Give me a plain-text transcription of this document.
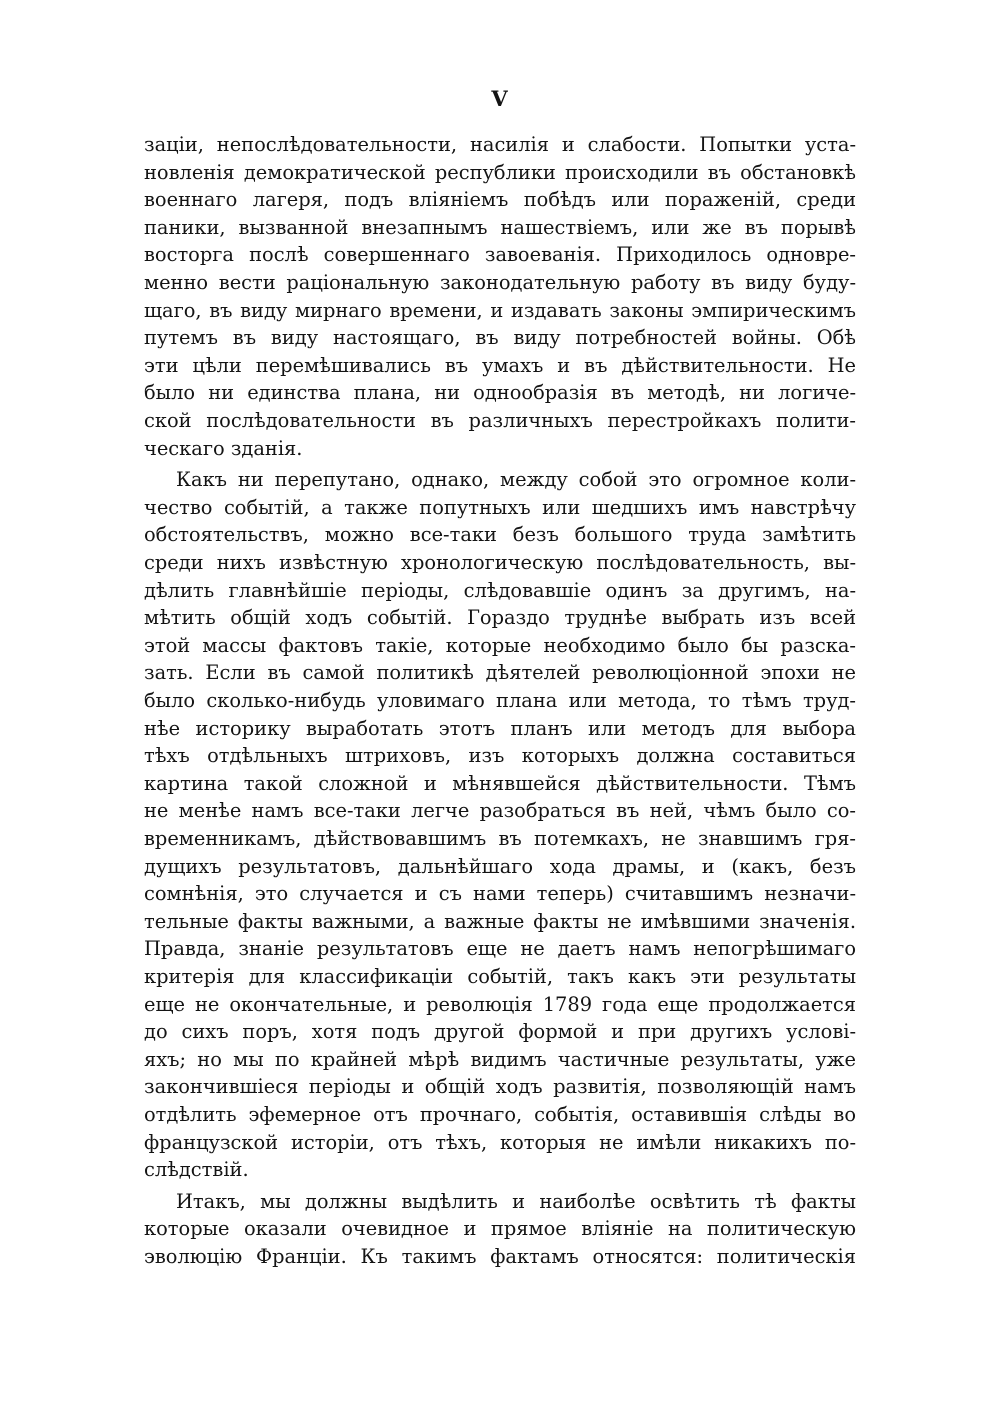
V
заціи, непослѣдовательности, насилія и слабости. Попытки уста-
новленія демократической республики происходили въ обстановкѣ
военнаго лагеря, подъ вліяніемъ побѣдъ или пораженій, среди
паники, вызванной внезапнымъ нашествіемъ, или же въ порывѣ
восторга послѣ совершеннаго завоеванія. Приходилось одновре-
менно вести раціональную законодательную работу въ виду буду-
щаго, въ виду мирнаго времени, и издавать законы эмпирическимъ
путемъ въ виду настоящаго, въ виду потребностей войны. Обѣ
эти цѣли перемѣшивались въ умахъ и въ дѣйствительности. Не
было ни единства плана, ни однообразія въ методѣ, ни логиче-
ской послѣдовательности въ различныхъ перестройкахъ полити-
ческаго зданія.
Какъ ни перепутано, однако, между собой это огромное коли-
чество событій, а также попутныхъ или шедшихъ имъ навстрѣчу
обстоятельствъ, можно все-таки безъ большого труда замѣтить
среди нихъ извѣстную хронологическую послѣдовательность, вы-
дѣлить главнѣйшіе періоды, слѣдовавшіе одинъ за другимъ, на-
мѣтить общій ходъ событій. Гораздо труднѣе выбрать изъ всей
этой массы фактовъ такіе, которые необходимо было бы разска-
зать. Если въ самой политикѣ дѣятелей революціонной эпохи не
было сколько-нибудь уловимаго плана или метода, то тѣмъ труд-
нѣе историку выработать этотъ планъ или методъ для выбора
тѣхъ отдѣльныхъ штриховъ, изъ которыхъ должна составиться
картина такой сложной и мѣнявшейся дѣйствительности. Тѣмъ
не менѣе намъ все-таки легче разобраться въ ней, чѣмъ было со-
временникамъ, дѣйствовавшимъ въ потемкахъ, не знавшимъ гря-
дущихъ результатовъ, дальнѣйшаго хода драмы, и (какъ, безъ
сомнѣнія, это случается и съ нами теперь) считавшимъ незначи-
тельные факты важными, а важные факты не имѣвшими значенія.
Правда, знаніе результатовъ еще не даетъ намъ непогрѣшимаго
критерія для классификаціи событій, такъ какъ эти результаты
еще не окончательные, и революція 1789 года еще продолжается
до сихъ поръ, хотя подъ другой формой и при другихъ услові-
яхъ; но мы по крайней мѣрѣ видимъ частичные результаты, уже
закончившіеся періоды и общій ходъ развитія, позволяющій намъ
отдѣлить эфемерное отъ прочнаго, событія, оставившія слѣды во
французской исторіи, отъ тѣхъ, которыя не имѣли никакихъ по-
слѣдствій.
Итакъ, мы должны выдѣлить и наиболѣе освѣтить тѣ факты
которые оказали очевидное и прямое вліяніе на политическую
эволюцію Франціи. Къ такимъ фактамъ относятся: политическія
